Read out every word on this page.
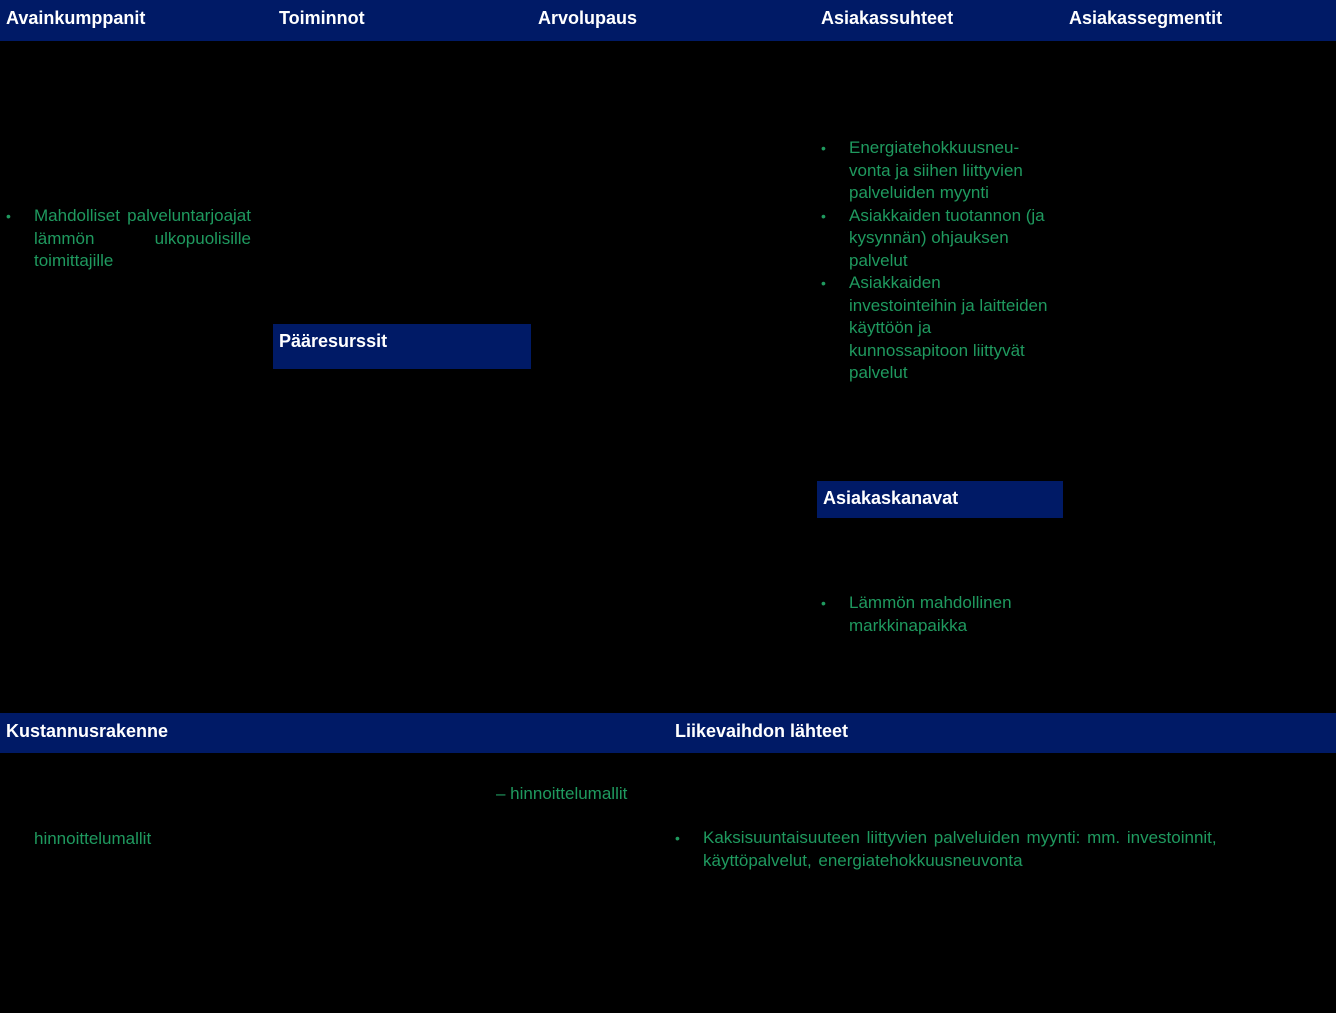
Avainkumppanit	Toiminnot	Arvolupaus	Asiakassuhteet	Asiakassegmentit
• Mahdolliset palveluntarjoajat lämmön ulkopuolisille toimittajille
Pääresurssit
• Energiatehokkuusneu-vonta ja siihen liittyvien palveluiden myynti
• Asiakkaiden tuotannon (ja kysynnän) ohjauksen palvelut
• Asiakkaiden investointeihin ja laitteiden käyttöön ja kunnossapitoon liittyvät palvelut
Asiakaskanavat
• Lämmön mahdollinen markkinapaikka
Kustannusrakenne	Liikevaihdon lähteet
– hinnoittelumallit
hinnoittelumallit	• Kaksisuuntaisuuteen liittyvien palveluiden myynti: mm. investoinnit, käyttöpalvelut, energiatehokkuusneuvonta
